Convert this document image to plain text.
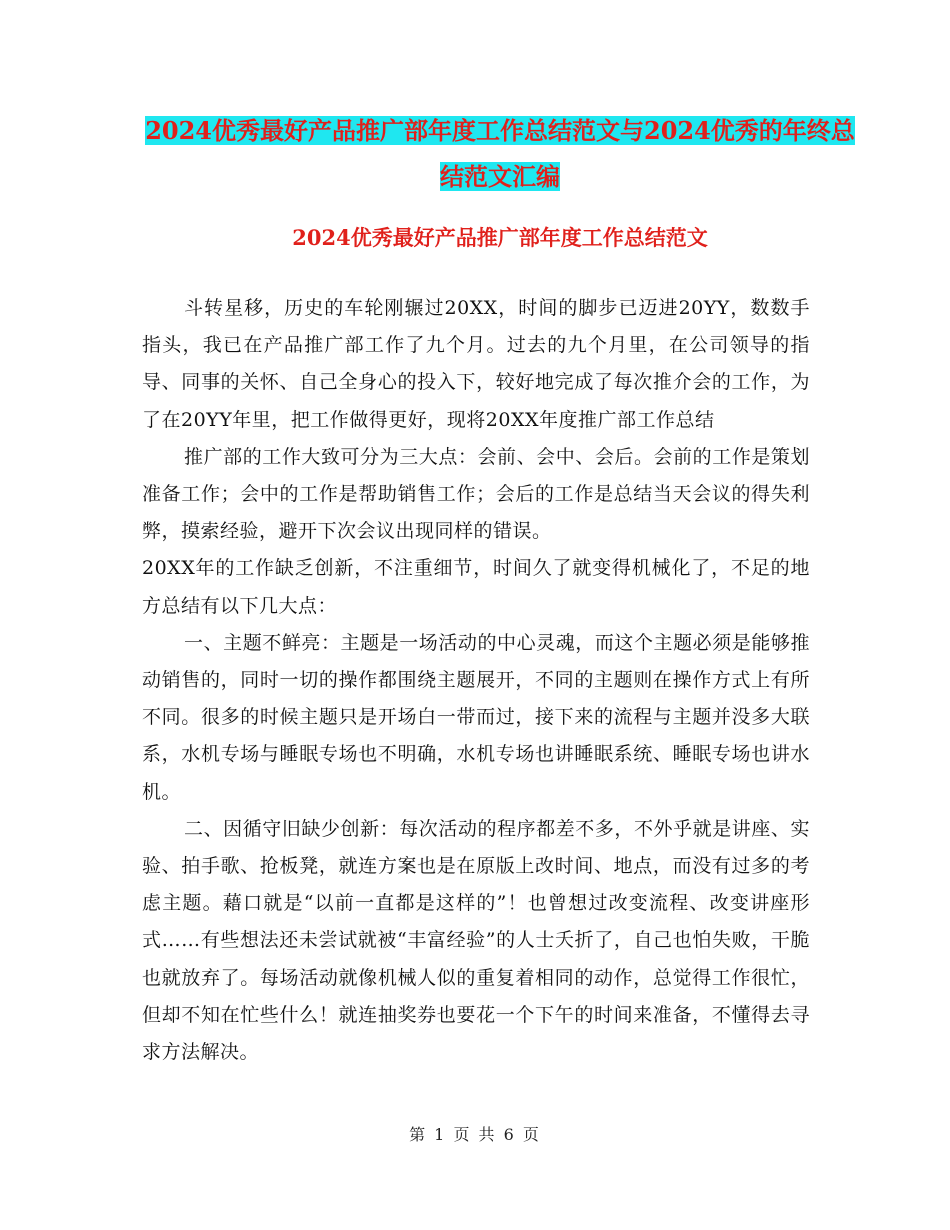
2024优秀最好产品推广部年度工作总结范文与2024优秀的年终总结范文汇编
2024优秀最好产品推广部年度工作总结范文

斗转星移，历史的车轮刚辗过20XX，时间的脚步已迈进20YY，数数手指头，我已在产品推广部工作了九个月。过去的九个月里，在公司领导的指导、同事的关怀、自己全身心的投入下，较好地完成了每次推介会的工作，为了在20YY年里，把工作做得更好，现将20XX年度推广部工作总结

推广部的工作大致可分为三大点：会前、会中、会后。会前的工作是策划准备工作；会中的工作是帮助销售工作；会后的工作是总结当天会议的得失利弊，摸索经验，避开下次会议出现同样的错误。

20XX年的工作缺乏创新，不注重细节，时间久了就变得机械化了，不足的地方总结有以下几大点：

一、主题不鲜亮：主题是一场活动的中心灵魂，而这个主题必须是能够推动销售的，同时一切的操作都围绕主题展开，不同的主题则在操作方式上有所不同。很多的时候主题只是开场白一带而过，接下来的流程与主题并没多大联系，水机专场与睡眠专场也不明确，水机专场也讲睡眠系统、睡眠专场也讲水机。

二、因循守旧缺少创新：每次活动的程序都差不多，不外乎就是讲座、实验、拍手歌、抢板凳，就连方案也是在原版上改时间、地点，而没有过多的考虑主题。藉口就是“以前一直都是这样的”！也曾想过改变流程、改变讲座形式……有些想法还未尝试就被“丰富经验”的人士夭折了，自己也怕失败，干脆也就放弃了。每场活动就像机械人似的重复着相同的动作，总觉得工作很忙，但却不知在忙些什么！就连抽奖券也要花一个下午的时间来准备，不懂得去寻求方法解决。

第 1 页 共 6 页
